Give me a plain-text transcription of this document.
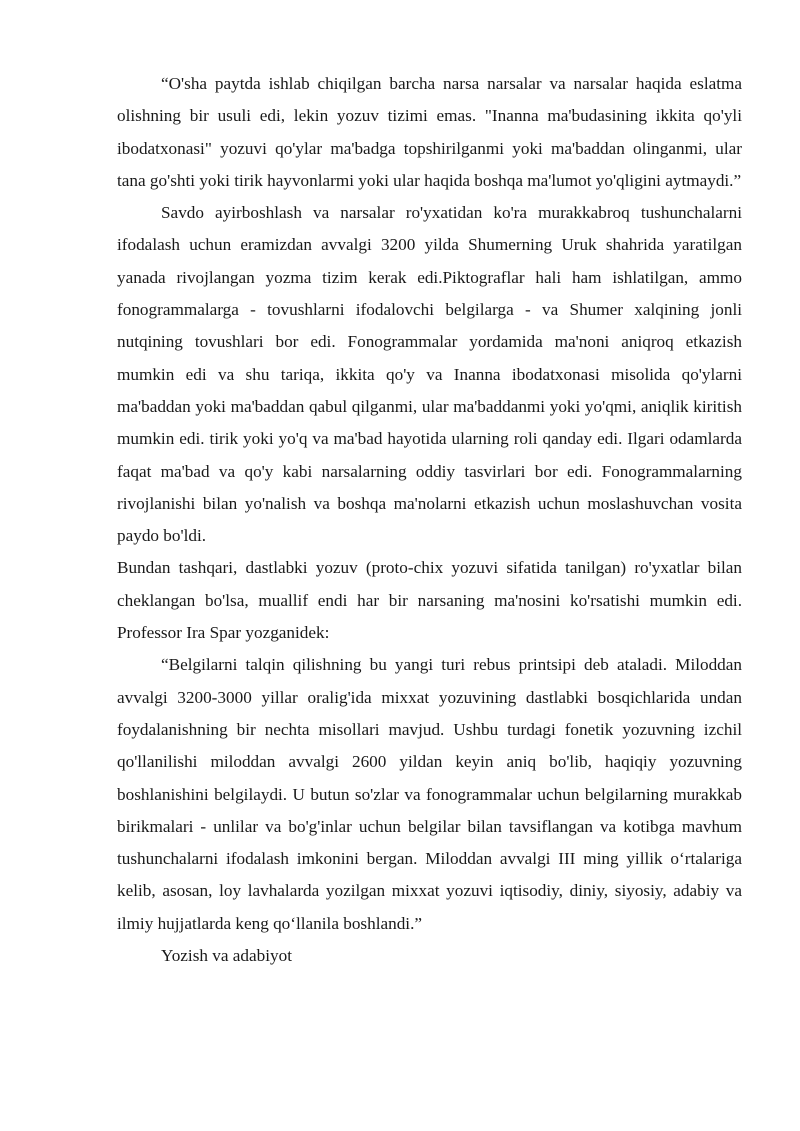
“O'sha paytda ishlab chiqilgan barcha narsa narsalar va narsalar haqida eslatma olishning bir usuli edi, lekin yozuv tizimi emas. "Inanna ma'budasining ikkita qo'yli ibodatxonasi" yozuvi qo'ylar ma'badga topshirilganmi yoki ma'baddan olinganmi, ular tana go'shti yoki tirik hayvonlarmi yoki ular haqida boshqa ma'lumot yo'qligini aytmaydi.”

Savdo ayirboshlash va narsalar ro'yxatidan ko'ra murakkabroq tushunchalarni ifodalash uchun eramizdan avvalgi 3200 yilda Shumerning Uruk shahrida yaratilgan yanada rivojlangan yozma tizim kerak edi.Piktograflar hali ham ishlatilgan, ammo fonogrammalarga - tovushlarni ifodalovchi belgilarga - va Shumer xalqining jonli nutqining tovushlari bor edi. Fonogrammalar yordamida ma'noni aniqroq etkazish mumkin edi va shu tariqa, ikkita qo'y va Inanna ibodatxonasi misolida qo'ylarni ma'baddan yoki ma'baddan qabul qilganmi, ular ma'baddanmi yoki yo'qmi, aniqlik kiritish mumkin edi. tirik yoki yo'q va ma'bad hayotida ularning roli qanday edi. Ilgari odamlarda faqat ma'bad va qo'y kabi narsalarning oddiy tasvirlari bor edi. Fonogrammalarning rivojlanishi bilan yo'nalish va boshqa ma'nolarni etkazish uchun moslashuvchan vosita paydo bo'ldi.

Bundan tashqari, dastlabki yozuv (proto-chix yozuvi sifatida tanilgan) ro'yxatlar bilan cheklangan bo'lsa, muallif endi har bir narsaning ma'nosini ko'rsatishi mumkin edi. Professor Ira Spar yozganidek:

“Belgilarni talqin qilishning bu yangi turi rebus printsipi deb ataladi. Miloddan avvalgi 3200-3000 yillar oralig'ida mixxat yozuvining dastlabki bosqichlarida undan foydalanishning bir nechta misollari mavjud. Ushbu turdagi fonetik yozuvning izchil qo'llanilishi miloddan avvalgi 2600 yildan keyin aniq bo'lib, haqiqiy yozuvning boshlanishini belgilaydi. U butun so'zlar va fonogrammalar uchun belgilarning murakkab birikmalari - unlilar va bo'g'inlar uchun belgilar bilan tavsiflangan va kotibga mavhum tushunchalarni ifodalash imkonini bergan. Miloddan avvalgi III ming yillik o‘rtalariga kelib, asosan, loy lavhalarda yozilgan mixxat yozuvi iqtisodiy, diniy, siyosiy, adabiy va ilmiy hujjatlarda keng qo‘llanila boshlandi.”

Yozish va adabiyot
